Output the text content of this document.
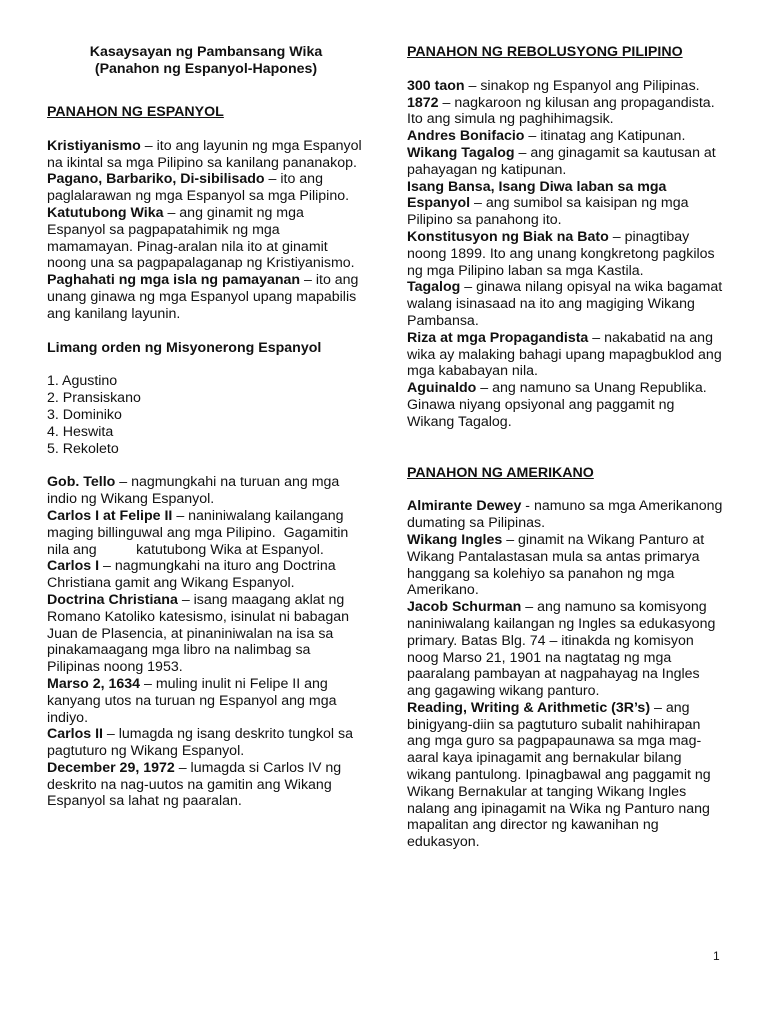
Kasaysayan ng Pambansang Wika
(Panahon ng Espanyol-Hapones)
PANAHON NG ESPANYOL

Kristiyanismo – ito ang layunin ng mga Espanyol na ikintal sa mga Pilipino sa kanilang pananakop.

Pagano, Barbariko, Di-sibilisado – ito ang paglalarawan ng mga Espanyol sa mga Pilipino.

Katutubong Wika – ang ginamit ng mga Espanyol sa pagpapatahimik ng mga mamamayan. Pinag-aralan nila ito at ginamit noong una sa pagpapalaganap ng Kristiyanismo. Paghahati ng mga isla ng pamayanan – ito ang unang ginawa ng mga Espanyol upang mapabilis ang kanilang layunin.

Limang orden ng Misyonerong Espanyol
1. Agustino
2. Pransiskano
3. Dominiko
4. Heswita
5. Rekoleto

Gob. Tello – nagmungkahi na turuan ang mga indio ng Wikang Espanyol.

Carlos I at Felipe II – naniniwalang kailangang maging billinguwal ang mga Pilipino.  Gagamitin nila ang          katutubong Wika at Espanyol.

Carlos I – nagmungkahi na ituro ang Doctrina Christiana gamit ang Wikang Espanyol.

Doctrina Christiana – isang maagang aklat ng Romano Katoliko katesismo, isinulat ni babagan Juan de Plasencia, at pinaniniwalan na isa sa pinakamaagang mga libro na nalimbag sa Pilipinas noong 1953.

Marso 2, 1634 – muling inulit ni Felipe II ang kanyang utos na turuan ng Espanyol ang mga indiyo.

Carlos II – lumagda ng isang deskrito tungkol sa pagtuturo ng Wikang Espanyol.

December 29, 1972 – lumagda si Carlos IV ng deskrito na nag-uutos na gamitin ang Wikang Espanyol sa lahat ng paaralan.

PANAHON NG REBOLUSYONG PILIPINO

300 taon – sinakop ng Espanyol ang Pilipinas.

1872 – nagkaroon ng kilusan ang propagandista. Ito ang simula ng paghihimagsik.

Andres Bonifacio – itinatag ang Katipunan.

Wikang Tagalog – ang ginagamit sa kautusan at pahayagan ng katipunan.

Isang Bansa, Isang Diwa laban sa mga Espanyol – ang sumibol sa kaisipan ng mga Pilipino sa panahong ito.

Konstitusyon ng Biak na Bato – pinagtibay noong 1899. Ito ang unang kongkretong pagkilos ng mga Pilipino laban sa mga Kastila.

Tagalog – ginawa nilang opisyal na wika bagamat walang isinasaad na ito ang magiging Wikang Pambansa.

Riza at mga Propagandista – nakabatid na ang wika ay malaking bahagi upang mapagbuklod ang mga kababayan nila.

Aguinaldo – ang namuno sa Unang Republika. Ginawa niyang opsiyonal ang paggamit ng Wikang Tagalog.

PANAHON NG AMERIKANO

Almirante Dewey - namuno sa mga Amerikanong dumating sa Pilipinas.

Wikang Ingles – ginamit na Wikang Panturo at Wikang Pantalastasan mula sa antas primarya hanggang sa kolehiyo sa panahon ng mga Amerikano.

Jacob Schurman – ang namuno sa komisyong naniniwalang kailangan ng Ingles sa edukasyong primary. Batas Blg. 74 – itinakda ng komisyon noog Marso 21, 1901 na nagtatag ng mga paaralang pambayan at nagpahayag na Ingles ang gagawing wikang panturo.

Reading, Writing & Arithmetic (3R’s) – ang binigyang-diin sa pagtuturo subalit nahihirapan ang mga guro sa pagpapaunawa sa mga mag-aaral kaya ipinagamit ang bernakular bilang wikang pantulong. Ipinagbawal ang paggamit ng Wikang Bernakular at tanging Wikang Ingles nalang ang ipinagamit na Wika ng Panturo nang mapalitan ang director ng kawanihan ng edukasyon.

1
